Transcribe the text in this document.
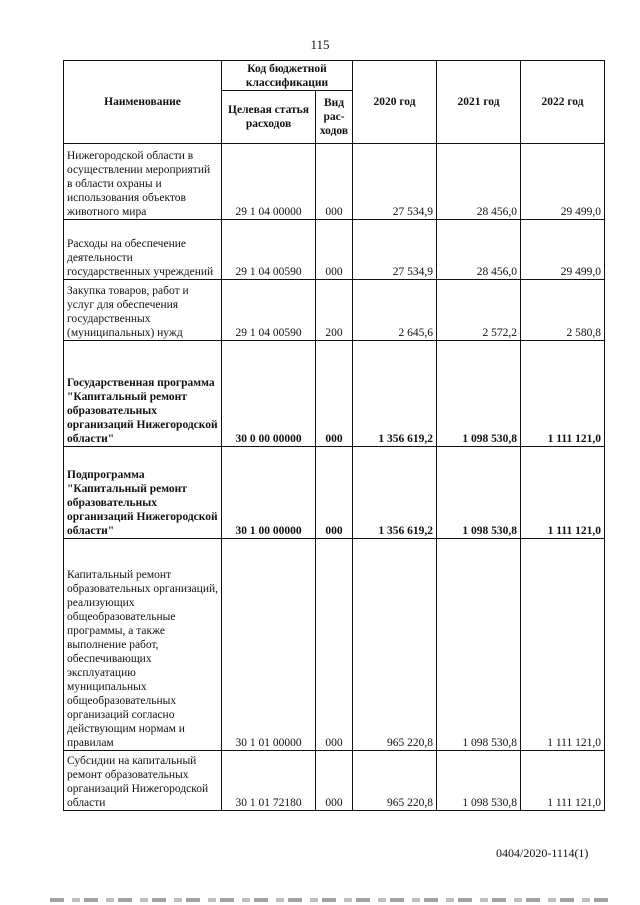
115
Наименование	Код бюджетной классификации		2020 год	2021 год	2022 год
	Целевая статья расходов	Вид рас- ходов			
Нижегородской области в осуществлении мероприятий в области охраны и использования объектов животного мира	29 1 04 00000	000	27 534,9	28 456,0	29 499,0
Расходы на обеспечение деятельности государственных учреждений	29 1 04 00590	000	27 534,9	28 456,0	29 499,0
Закупка товаров, работ и услуг для обеспечения государственных (муниципальных) нужд	29 1 04 00590	200	2 645,6	2 572,2	2 580,8
Государственная программа "Капитальный ремонт образовательных организаций Нижегородской области"	30 0 00 00000	000	1 356 619,2	1 098 530,8	1 111 121,0
Подпрограмма "Капитальный ремонт образовательных организаций Нижегородской области"	30 1 00 00000	000	1 356 619,2	1 098 530,8	1 111 121,0
Капитальный ремонт образовательных организаций, реализующих общеобразовательные программы, а также выполнение работ, обеспечивающих эксплуатацию муниципальных общеобразовательных организаций согласно действующим нормам и правилам	30 1 01 00000	000	965 220,8	1 098 530,8	1 111 121,0
Субсидии на капитальный ремонт образовательных организаций Нижегородской области	30 1 01 72180	000	965 220,8	1 098 530,8	1 111 121,0
0404/2020-1114(1)
